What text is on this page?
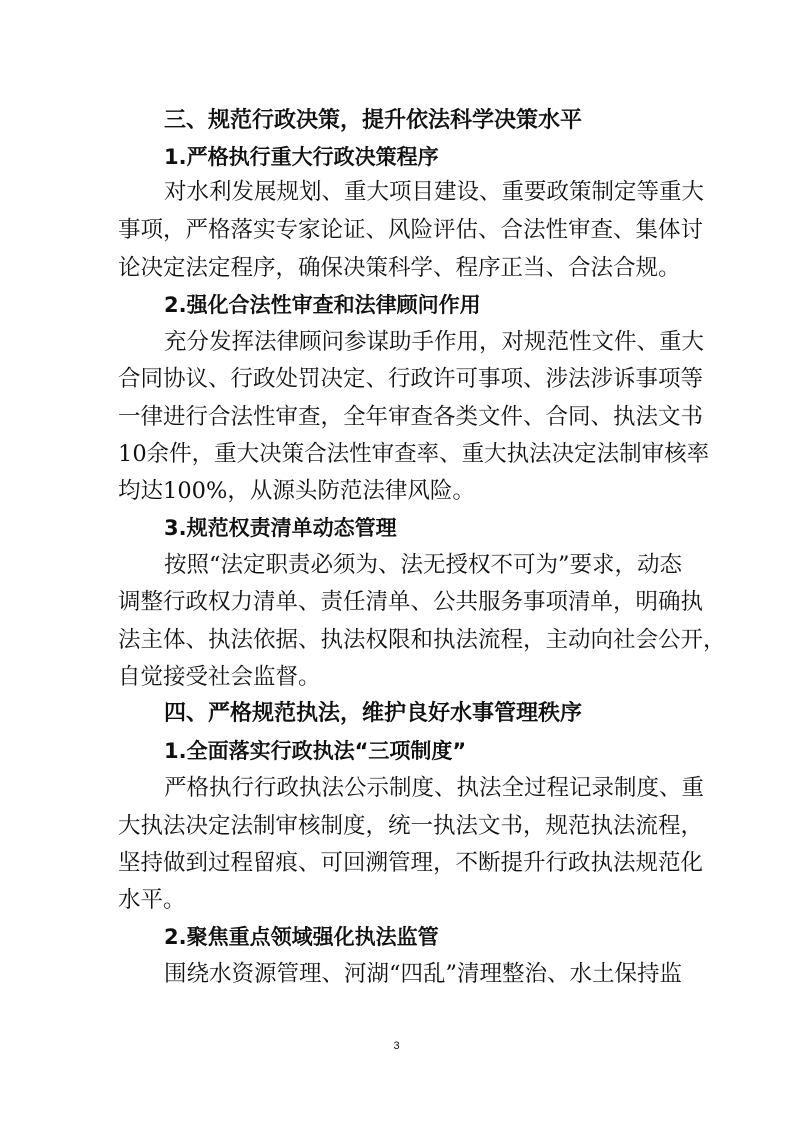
三、规范行政决策，提升依法科学决策水平
1.严格执行重大行政决策程序
对水利发展规划、重大项目建设、重要政策制定等重大
事项，严格落实专家论证、风险评估、合法性审查、集体讨
论决定法定程序，确保决策科学、程序正当、合法合规。
2.强化合法性审查和法律顾问作用
充分发挥法律顾问参谋助手作用，对规范性文件、重大
合同协议、行政处罚决定、行政许可事项、涉法涉诉事项等
一律进行合法性审查，全年审查各类文件、合同、执法文书
10余件，重大决策合法性审查率、重大执法决定法制审核率
均达100%，从源头防范法律风险。
3.规范权责清单动态管理
按照“法定职责必须为、法无授权不可为”要求，动态
调整行政权力清单、责任清单、公共服务事项清单，明确执
法主体、执法依据、执法权限和执法流程，主动向社会公开，
自觉接受社会监督。
四、严格规范执法，维护良好水事管理秩序
1.全面落实行政执法“三项制度”
严格执行行政执法公示制度、执法全过程记录制度、重
大执法决定法制审核制度，统一执法文书，规范执法流程，
坚持做到过程留痕、可回溯管理，不断提升行政执法规范化
水平。
2.聚焦重点领域强化执法监管
围绕水资源管理、河湖“四乱”清理整治、水土保持监
3
